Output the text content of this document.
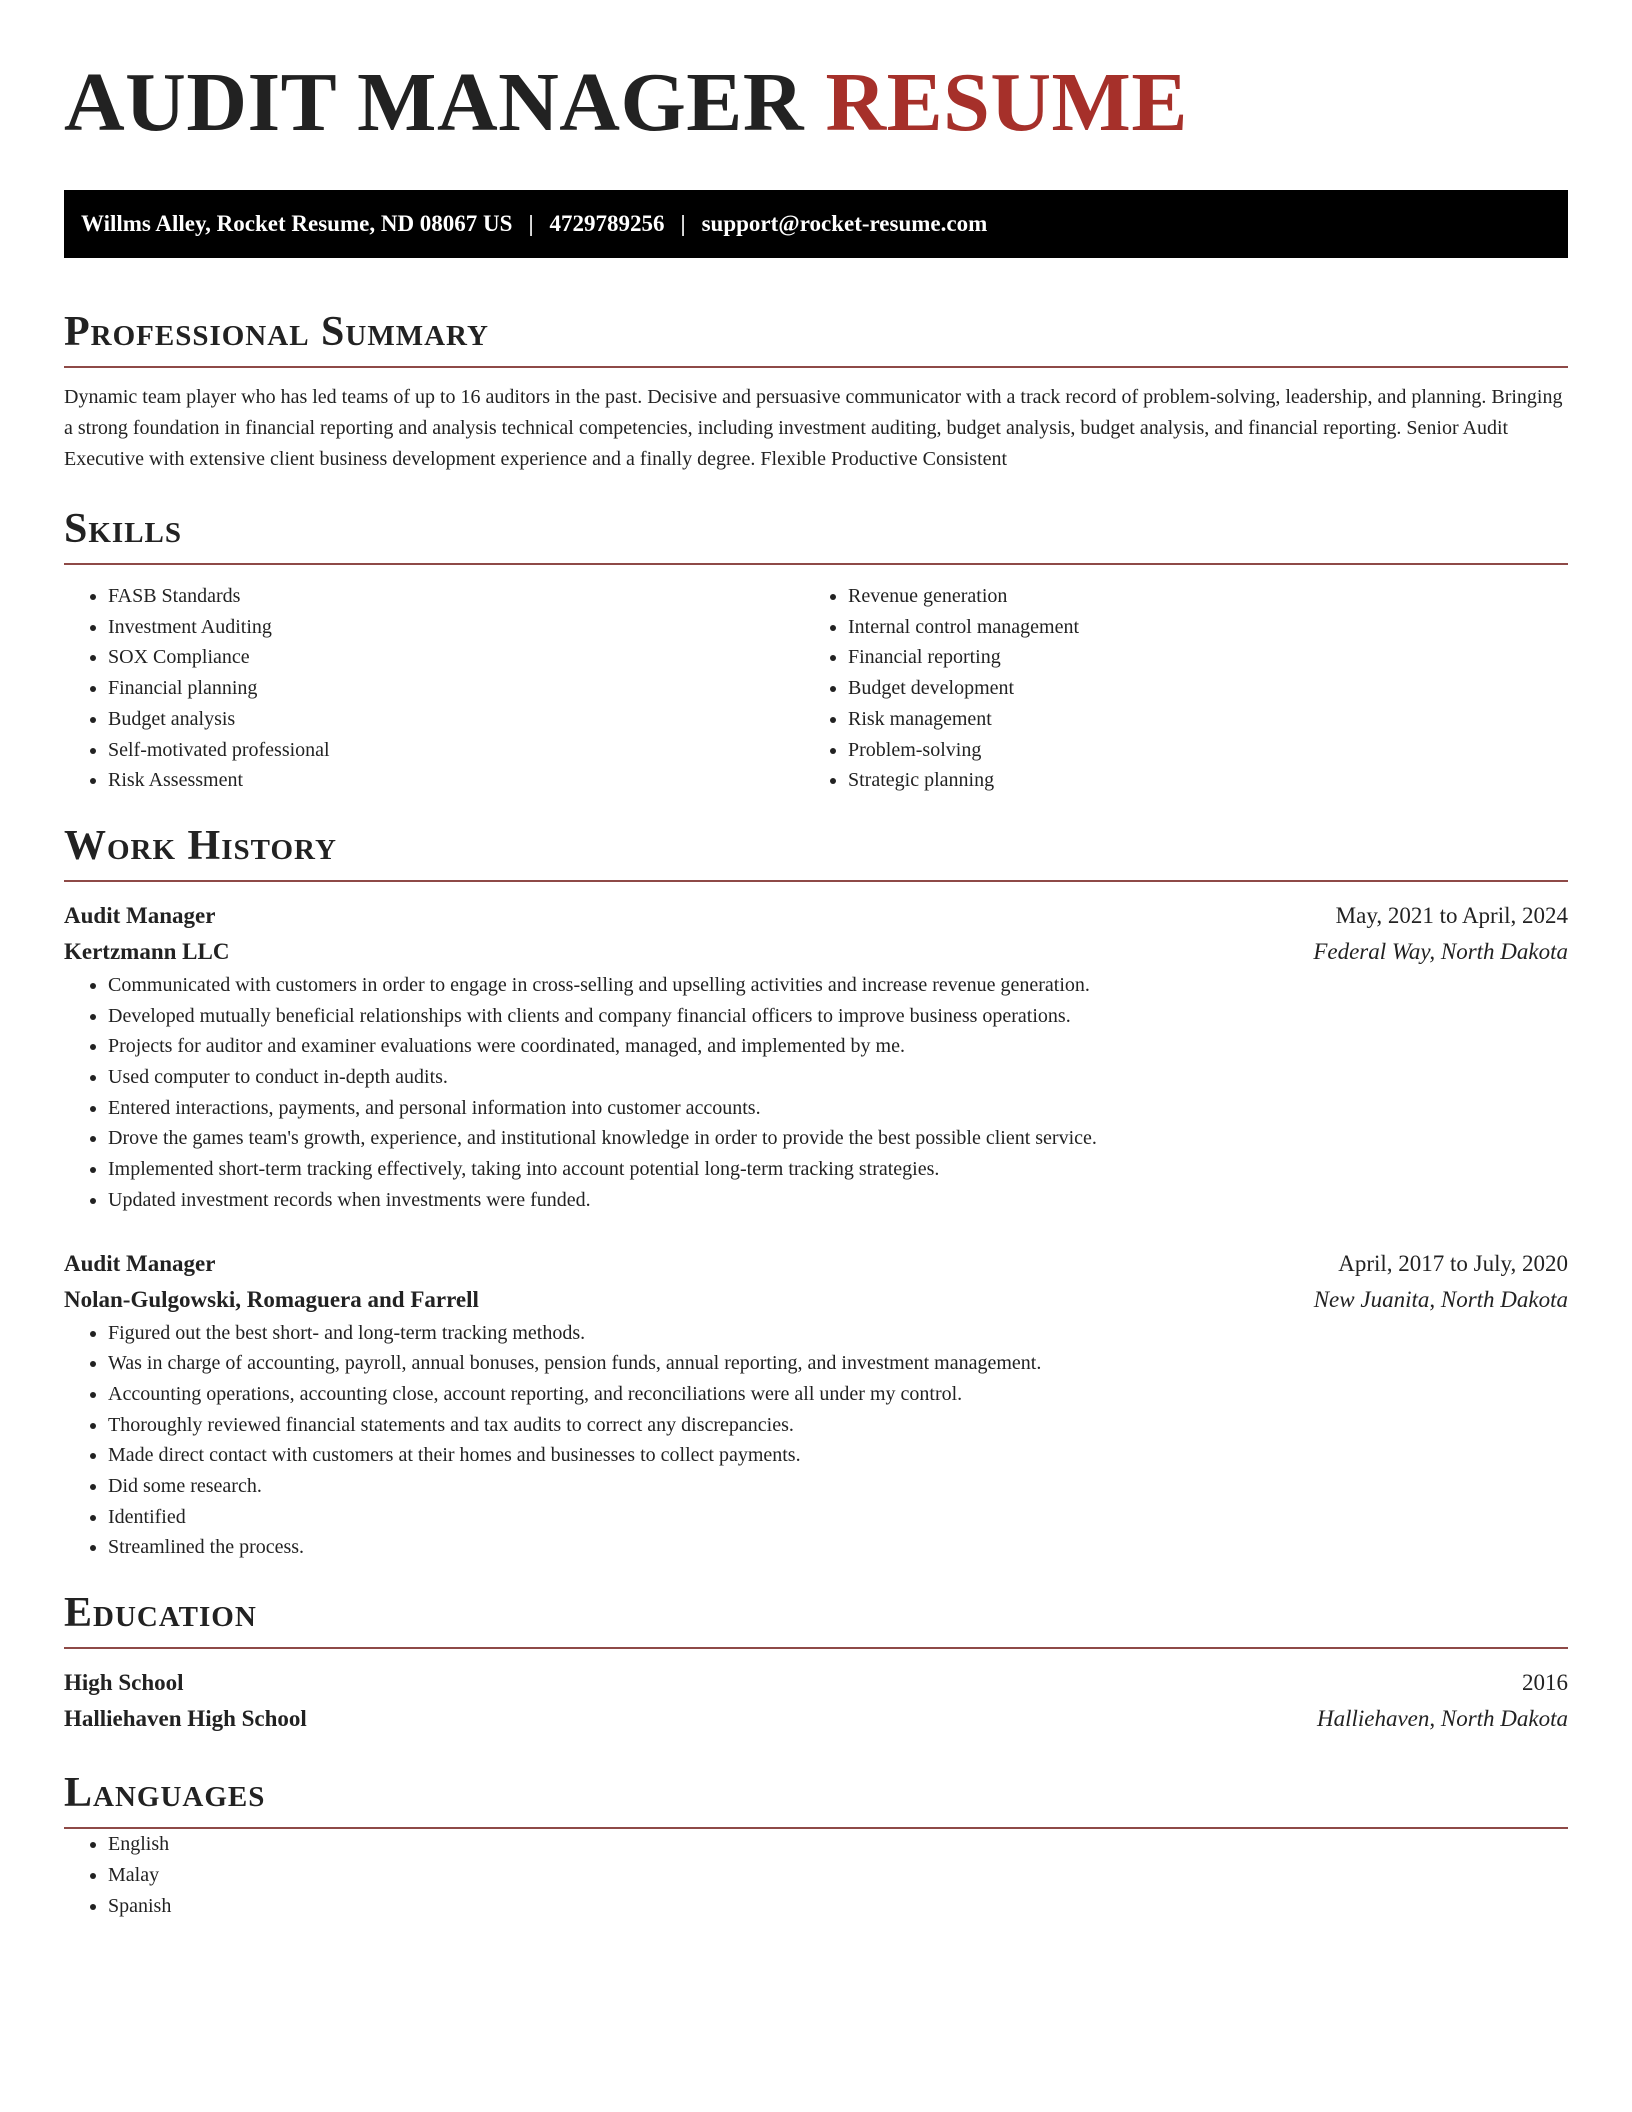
AUDIT MANAGER RESUME
Willms Alley, Rocket Resume, ND 08067 US | 4729789256 | support@rocket-resume.com
Professional Summary

Dynamic team player who has led teams of up to 16 auditors in the past. Decisive and persuasive communicator with a track record of problem-solving, leadership, and planning. Bringing a strong foundation in financial reporting and analysis technical competencies, including investment auditing, budget analysis, budget analysis, and financial reporting. Senior Audit Executive with extensive client business development experience and a finally degree. Flexible Productive Consistent

Skills
• FASB Standards
• Investment Auditing
• SOX Compliance
• Financial planning
• Budget analysis
• Self-motivated professional
• Risk Assessment
• Revenue generation
• Internal control management
• Financial reporting
• Budget development
• Risk management
• Problem-solving
• Strategic planning
Work History
Audit Manager	May, 2021 to April, 2024
Kertzmann LLC	Federal Way, North Dakota
• Communicated with customers in order to engage in cross-selling and upselling activities and increase revenue generation.
• Developed mutually beneficial relationships with clients and company financial officers to improve business operations.
• Projects for auditor and examiner evaluations were coordinated, managed, and implemented by me.
• Used computer to conduct in-depth audits.
• Entered interactions, payments, and personal information into customer accounts.
• Drove the games team's growth, experience, and institutional knowledge in order to provide the best possible client service.
• Implemented short-term tracking effectively, taking into account potential long-term tracking strategies.
• Updated investment records when investments were funded.
Audit Manager	April, 2017 to July, 2020
Nolan-Gulgowski, Romaguera and Farrell	New Juanita, North Dakota
• Figured out the best short- and long-term tracking methods.
• Was in charge of accounting, payroll, annual bonuses, pension funds, annual reporting, and investment management.
• Accounting operations, accounting close, account reporting, and reconciliations were all under my control.
• Thoroughly reviewed financial statements and tax audits to correct any discrepancies.
• Made direct contact with customers at their homes and businesses to collect payments.
• Did some research.
• Identified
• Streamlined the process.
Education
High School	2016
Halliehaven High School	Halliehaven, North Dakota
Languages
• English
• Malay
• Spanish
